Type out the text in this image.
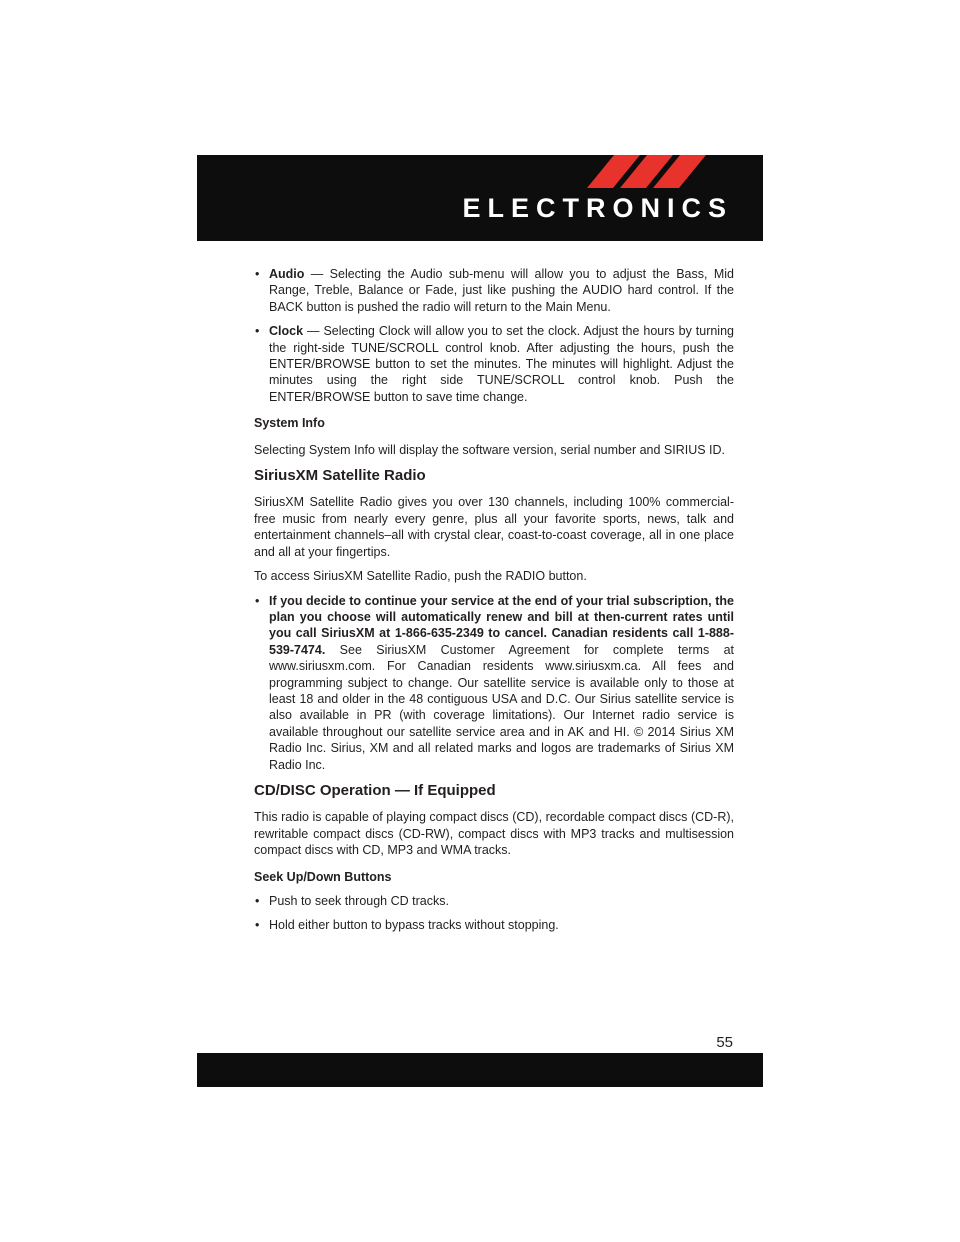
ELECTRONICS
• Audio — Selecting the Audio sub-menu will allow you to adjust the Bass, Mid Range, Treble, Balance or Fade, just like pushing the AUDIO hard control. If the BACK button is pushed the radio will return to the Main Menu.
• Clock — Selecting Clock will allow you to set the clock. Adjust the hours by turning the right-side TUNE/SCROLL control knob. After adjusting the hours, push the ENTER/BROWSE button to set the minutes. The minutes will highlight. Adjust the minutes using the right side TUNE/SCROLL control knob. Push the ENTER/BROWSE button to save time change.

System Info

Selecting System Info will display the software version, serial number and SIRIUS ID.

SiriusXM Satellite Radio

SiriusXM Satellite Radio gives you over 130 channels, including 100% commercial-free music from nearly every genre, plus all your favorite sports, news, talk and entertainment channels–all with crystal clear, coast-to-coast coverage, all in one place and all at your fingertips.

To access SiriusXM Satellite Radio, push the RADIO button.

• If you decide to continue your service at the end of your trial subscription, the plan you choose will automatically renew and bill at then-current rates until you call SiriusXM at 1-866-635-2349 to cancel. Canadian residents call 1-888-539-7474. See SiriusXM Customer Agreement for complete terms at www.siriusxm.com. For Canadian residents www.siriusxm.ca. All fees and programming subject to change. Our satellite service is available only to those at least 18 and older in the 48 contiguous USA and D.C. Our Sirius satellite service is also available in PR (with coverage limitations). Our Internet radio service is available throughout our satellite service area and in AK and HI. © 2014 Sirius XM Radio Inc. Sirius, XM and all related marks and logos are trademarks of Sirius XM Radio Inc.

CD/DISC Operation — If Equipped

This radio is capable of playing compact discs (CD), recordable compact discs (CD-R), rewritable compact discs (CD-RW), compact discs with MP3 tracks and multisession compact discs with CD, MP3 and WMA tracks.

Seek Up/Down Buttons

• Push to seek through CD tracks.
• Hold either button to bypass tracks without stopping.
55
